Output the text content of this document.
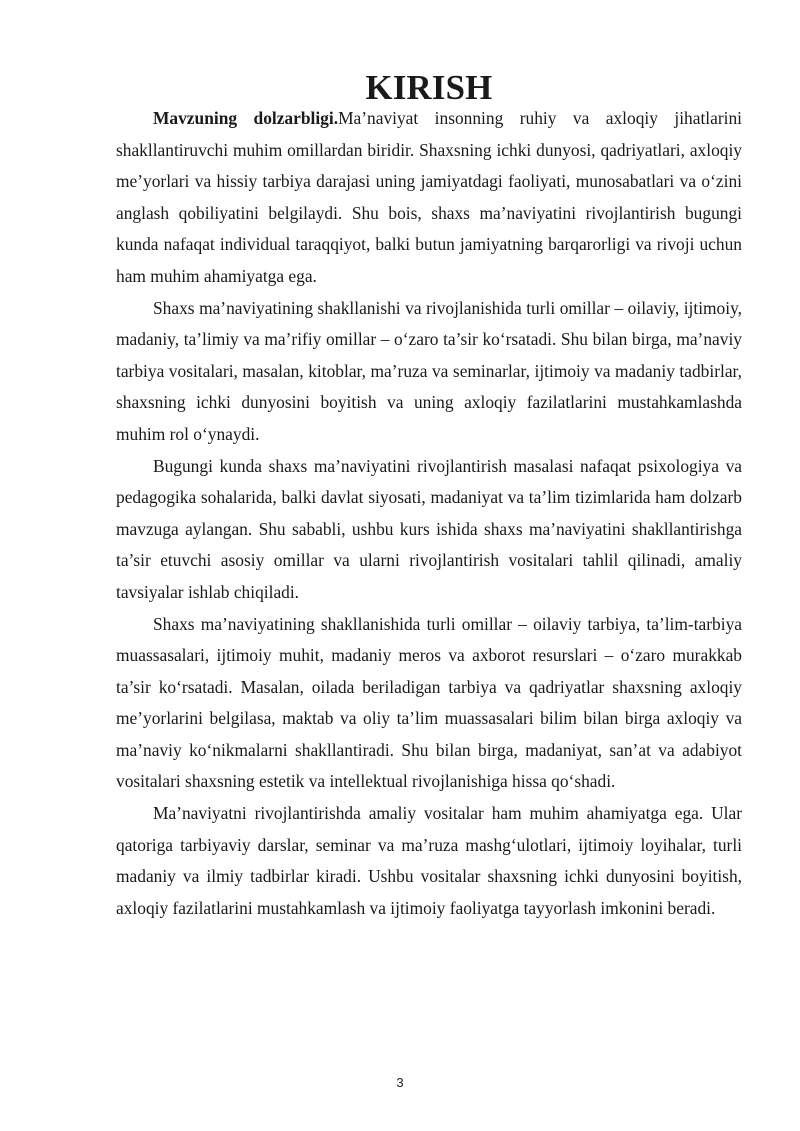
KIRISH

Mavzuning dolzarbligi.Ma’naviyat insonning ruhiy va axloqiy jihatlarini shakllantiruvchi muhim omillardan biridir. Shaxsning ichki dunyosi, qadriyatlari, axloqiy me’yorlari va hissiy tarbiya darajasi uning jamiyatdagi faoliyati, munosabatlari va o‘zini anglash qobiliyatini belgilaydi. Shu bois, shaxs ma’naviyatini rivojlantirish bugungi kunda nafaqat individual taraqqiyot, balki butun jamiyatning barqarorligi va rivoji uchun ham muhim ahamiyatga ega.

Shaxs ma’naviyatining shakllanishi va rivojlanishida turli omillar – oilaviy, ijtimoiy, madaniy, ta’limiy va ma’rifiy omillar – o‘zaro ta’sir ko‘rsatadi. Shu bilan birga, ma’naviy tarbiya vositalari, masalan, kitoblar, ma’ruza va seminarlar, ijtimoiy va madaniy tadbirlar, shaxsning ichki dunyosini boyitish va uning axloqiy fazilatlarini mustahkamlashda muhim rol o‘ynaydi.

Bugungi kunda shaxs ma’naviyatini rivojlantirish masalasi nafaqat psixologiya va pedagogika sohalarida, balki davlat siyosati, madaniyat va ta’lim tizimlarida ham dolzarb mavzuga aylangan. Shu sababli, ushbu kurs ishida shaxs ma’naviyatini shakllantirishga ta’sir etuvchi asosiy omillar va ularni rivojlantirish vositalari tahlil qilinadi, amaliy tavsiyalar ishlab chiqiladi.

Shaxs ma’naviyatining shakllanishida turli omillar – oilaviy tarbiya, ta’lim-tarbiya muassasalari, ijtimoiy muhit, madaniy meros va axborot resurslari – o‘zaro murakkab ta’sir ko‘rsatadi. Masalan, oilada beriladigan tarbiya va qadriyatlar shaxsning axloqiy me’yorlarini belgilasa, maktab va oliy ta’lim muassasalari bilim bilan birga axloqiy va ma’naviy ko‘nikmalarni shakllantiradi. Shu bilan birga, madaniyat, san’at va adabiyot vositalari shaxsning estetik va intellektual rivojlanishiga hissa qo‘shadi.

Ma’naviyatni rivojlantirishda amaliy vositalar ham muhim ahamiyatga ega. Ular qatoriga tarbiyaviy darslar, seminar va ma’ruza mashg‘ulotlari, ijtimoiy loyihalar, turli madaniy va ilmiy tadbirlar kiradi. Ushbu vositalar shaxsning ichki dunyosini boyitish, axloqiy fazilatlarini mustahkamlash va ijtimoiy faoliyatga tayyorlash imkonini beradi.

3
